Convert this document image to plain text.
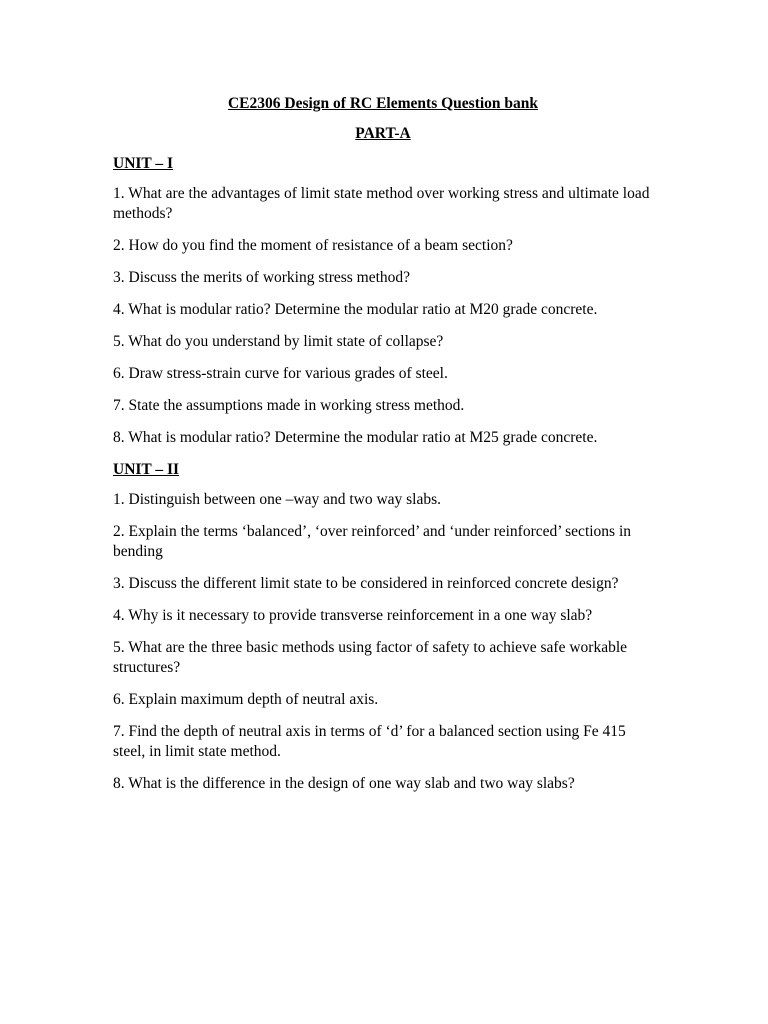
CE2306 Design of RC Elements Question bank

PART-A

UNIT – I

1. What are the advantages of limit state method over working stress and ultimate load methods?

2. How do you find the moment of resistance of a beam section?

3. Discuss the merits of working stress method?

4. What is modular ratio? Determine the modular ratio at M20 grade concrete.

5. What do you understand by limit state of collapse?

6. Draw stress-strain curve for various grades of steel.

7. State the assumptions made in working stress method.

8. What is modular ratio? Determine the modular ratio at M25 grade concrete.

UNIT – II

1. Distinguish between one –way and two way slabs.

2. Explain the terms ‘balanced’, ‘over reinforced’ and ‘under reinforced’ sections in bending

3. Discuss the different limit state to be considered in reinforced concrete design?

4. Why is it necessary to provide transverse reinforcement in a one way slab?

5. What are the three basic methods using factor of safety to achieve safe workable structures?

6. Explain maximum depth of neutral axis.

7. Find the depth of neutral axis in terms of ‘d’ for a balanced section using Fe 415 steel, in limit state method.

8. What is the difference in the design of one way slab and two way slabs?
